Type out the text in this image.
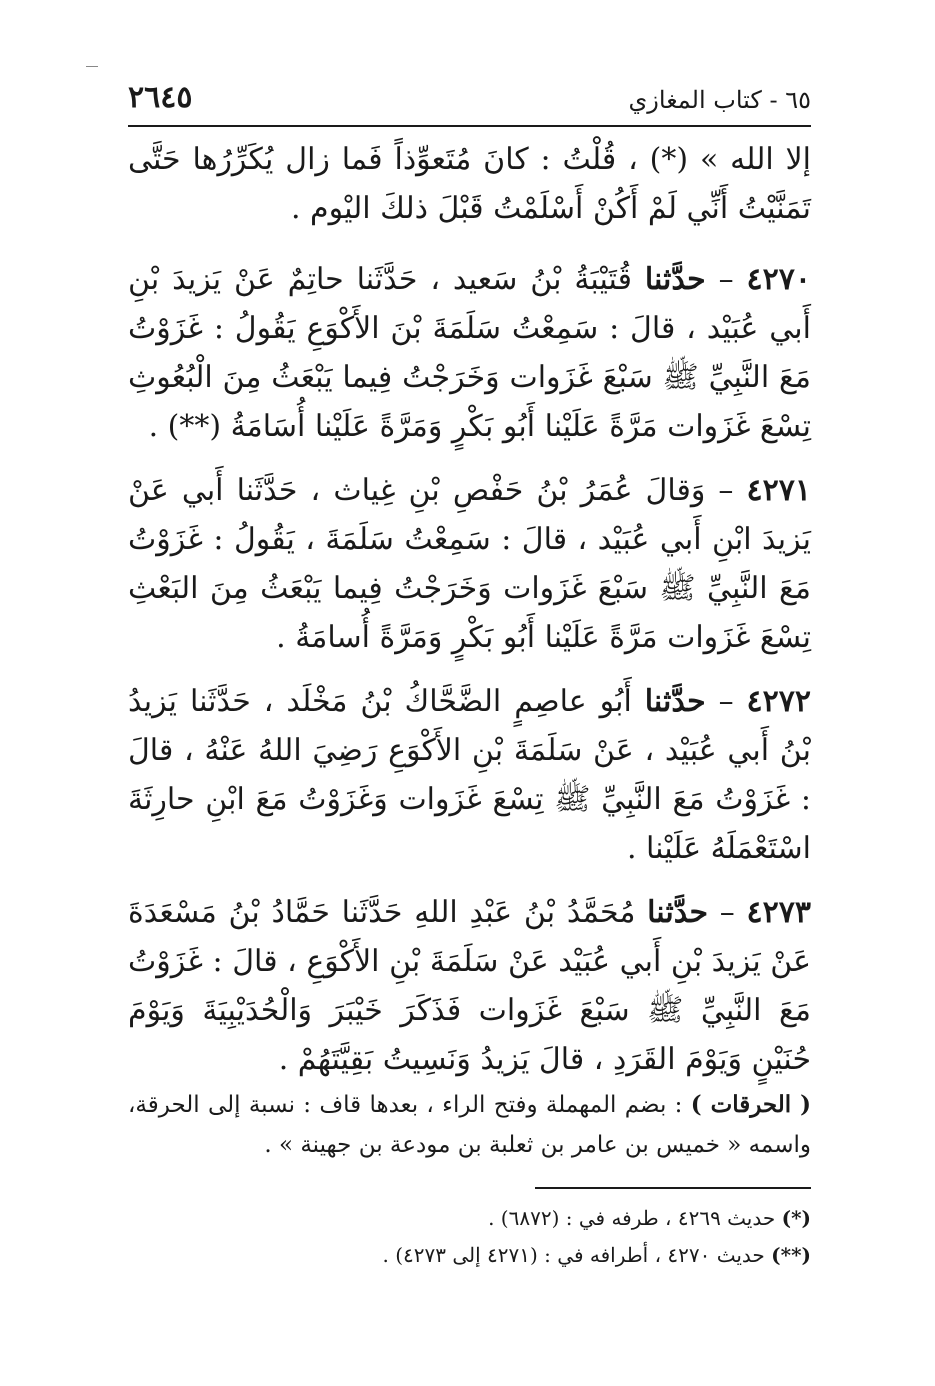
٢٦٤٥	٦٥ - كتاب المغازي

إلا الله » (*) ، قُلْتُ : كانَ مُتَعوِّذاً فَما زال يُكَرِّرُها حَتَّى تَمَنَّيْتُ أَنِّي لَمْ أَكُنْ أَسْلَمْتُ قَبْلَ ذلكَ اليْوم .

٤٢٧٠ – حدَّثنا قُتَيْبَةُ بْنُ سَعيد ، حَدَّثَنا حاتِمٌ عَنْ يَزيدَ بْنِ أَبي عُبَيْد ، قالَ : سَمِعْتُ سَلَمَةَ بْنَ الأَكْوَعِ يَقُولُ : غَزَوْتُ مَعَ النَّبِيِّ ﷺ سَبْعَ غَزَوات وَخَرَجْتُ فِيما يَبْعَثُ مِنَ الْبُعُوثِ تِسْعَ غَزَوات مَرَّةً عَلَيْنا أَبُو بَكْرٍ وَمَرَّةً عَلَيْنا أُسَامَةُ (**) .

٤٢٧١ – وَقالَ عُمَرُ بْنُ حَفْصِ بْنِ غِياث ، حَدَّثَنا أَبي عَنْ يَزيدَ ابْنِ أَبي عُبَيْد ، قالَ : سَمِعْتُ سَلَمَةَ ، يَقُولُ : غَزَوْتُ مَعَ النَّبِيِّ ﷺ سَبْعَ غَزَوات وَخَرَجْتُ فِيما يَبْعَثُ مِنَ البَعْثِ تِسْعَ غَزَوات مَرَّةً عَلَيْنا أَبُو بَكْرٍ وَمَرَّةً أُسامَةُ .

٤٢٧٢ – حدَّثنا أَبُو عاصِمٍ الضَّحَّاكُ بْنُ مَخْلَد ، حَدَّثَنا يَزيدُ بْنُ أَبي عُبَيْد ، عَنْ سَلَمَةَ بْنِ الأَكْوَعِ رَضِيَ اللهُ عَنْهُ ، قالَ : غَزَوْتُ مَعَ النَّبِيِّ ﷺ تِسْعَ غَزَوات وَغَزَوْتُ مَعَ ابْنِ حارِثَةَ اسْتَعْمَلَهُ عَلَيْنا .

٤٢٧٣ – حدَّثنا مُحَمَّدُ بْنُ عَبْدِ اللهِ حَدَّثَنا حَمَّادُ بْنُ مَسْعَدَةَ عَنْ يَزيدَ بْنِ أَبي عُبَيْد عَنْ سَلَمَةَ بْنِ الأَكْوَعِ ، قالَ : غَزَوْتُ مَعَ النَّبِيِّ ﷺ سَبْعَ غَزَوات فَذَكَرَ خَيْبَرَ وَالْحُدَيْبِيَةَ وَيَوْمَ حُنَيْنٍ وَيَوْمَ القَرَدِ ، قالَ يَزيدُ وَنَسِيتُ بَقِيَّتَهُمْ .

( الحرقات ) : بضم المهملة وفتح الراء ، بعدها قاف : نسبة إلى الحرقة، واسمه « خميس بن عامر بن ثعلبة بن مودعة بن جهينة » .

(*) حديث ٤٢٦٩ ، طرفه في : (٦٨٧٢) .

(**) حديث ٤٢٧٠ ، أطرافه في : (٤٢٧١ إلى ٤٢٧٣) .
